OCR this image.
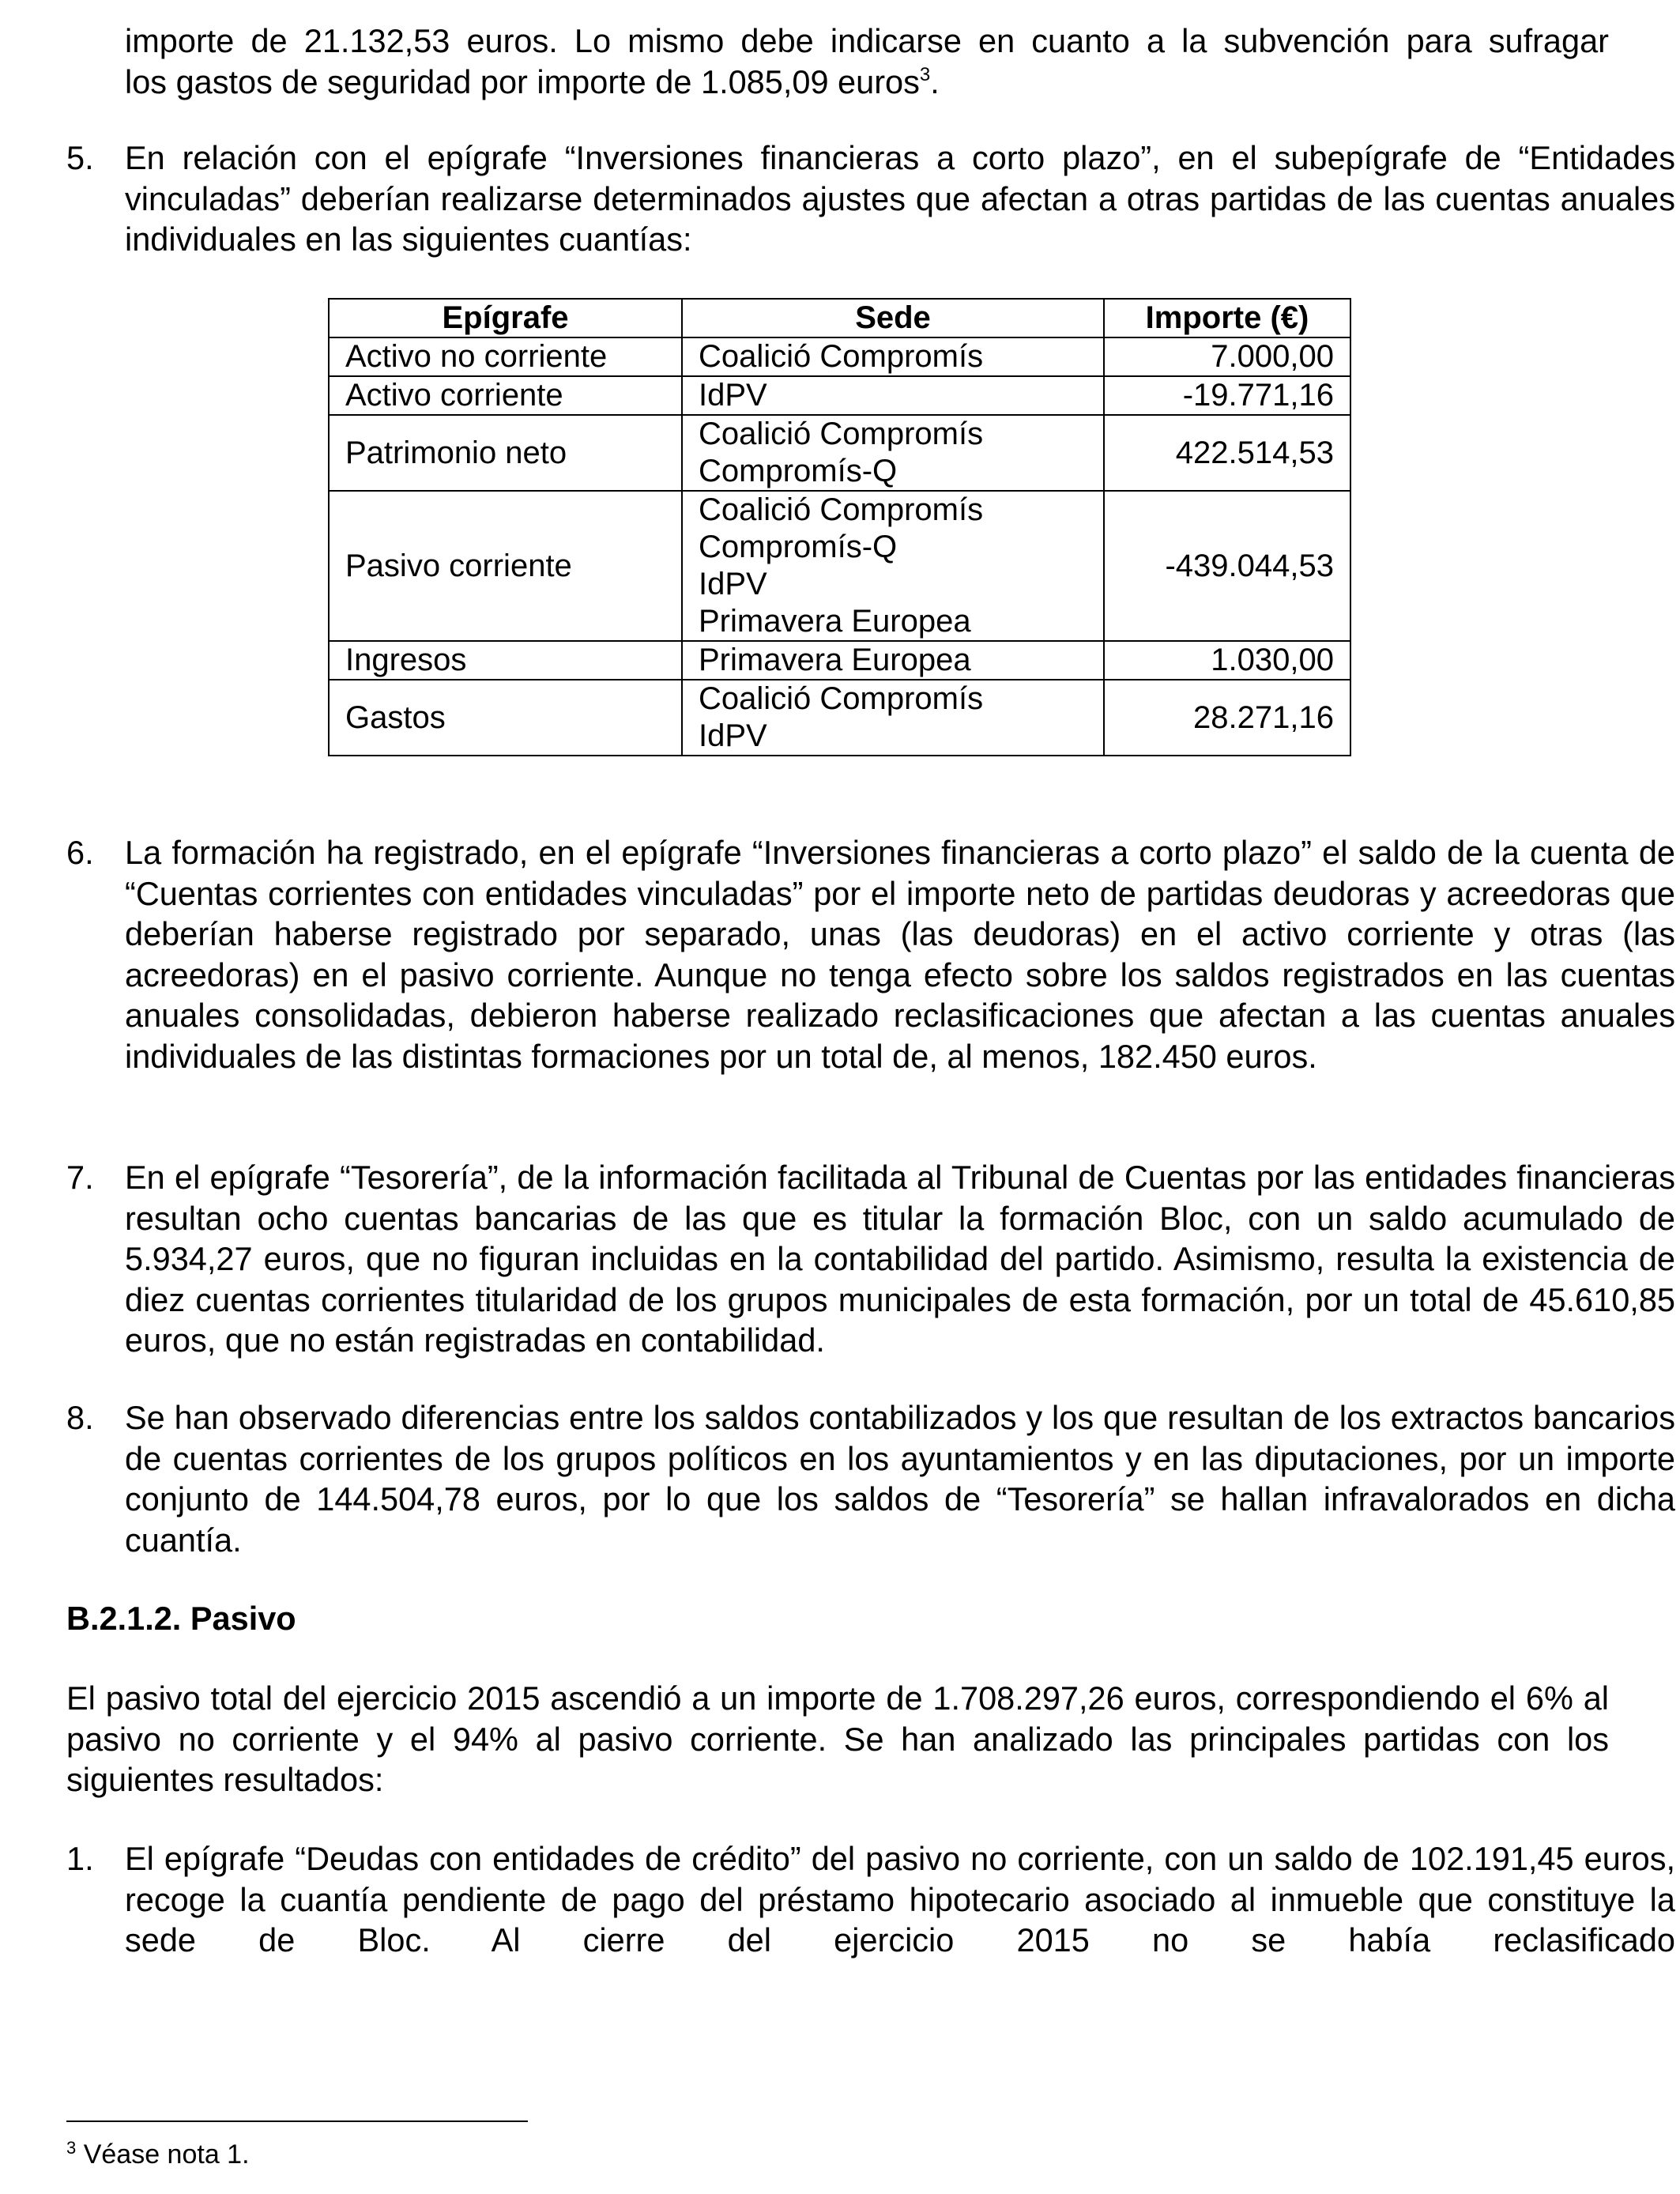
importe de 21.132,53 euros. Lo mismo debe indicarse en cuanto a la subvención para sufragar
los gastos de seguridad por importe de 1.085,09 euros$^3$.

5. En relación con el epígrafe “Inversiones financieras a corto plazo”, en el subepígrafe de “Entidades vinculadas” deberían realizarse determinados ajustes que afectan a otras partidas de las cuentas anuales individuales en las siguientes cuantías:

Epígrafe	Sede	Importe (€)
Activo no corriente	Coalició Compromís	7.000,00
Activo corriente	IdPV	-19.771,16
Patrimonio neto	Coalició Compromís
Compromís-Q	422.514,53
Pasivo corriente	Coalició Compromís
Compromís-Q
IdPV
Primavera Europea	-439.044,53
Ingresos	Primavera Europea	1.030,00
Gastos	Coalició Compromís
IdPV	28.271,16
6. La formación ha registrado, en el epígrafe “Inversiones financieras a corto plazo” el saldo de la cuenta de “Cuentas corrientes con entidades vinculadas” por el importe neto de partidas deudoras y acreedoras que deberían haberse registrado por separado, unas (las deudoras) en el activo corriente y otras (las acreedoras) en el pasivo corriente. Aunque no tenga efecto sobre los saldos registrados en las cuentas anuales consolidadas, debieron haberse realizado reclasificaciones que afectan a las cuentas anuales individuales de las distintas formaciones por un total de, al menos, 182.450 euros.

7. En el epígrafe “Tesorería”, de la información facilitada al Tribunal de Cuentas por las entidades financieras resultan ocho cuentas bancarias de las que es titular la formación Bloc, con un saldo acumulado de 5.934,27 euros, que no figuran incluidas en la contabilidad del partido. Asimismo, resulta la existencia de diez cuentas corrientes titularidad de los grupos municipales de esta formación, por un total de 45.610,85 euros, que no están registradas en contabilidad.

8. Se han observado diferencias entre los saldos contabilizados y los que resultan de los extractos bancarios de cuentas corrientes de los grupos políticos en los ayuntamientos y en las diputaciones, por un importe conjunto de 144.504,78 euros, por lo que los saldos de “Tesorería” se hallan infravalorados en dicha cuantía.

B.2.1.2. Pasivo

El pasivo total del ejercicio 2015 ascendió a un importe de 1.708.297,26 euros, correspondiendo el 6% al pasivo no corriente y el 94% al pasivo corriente. Se han analizado las principales partidas con los siguientes resultados:

1. El epígrafe “Deudas con entidades de crédito” del pasivo no corriente, con un saldo de 102.191,45 euros, recoge la cuantía pendiente de pago del préstamo hipotecario asociado al inmueble que constituye la sede de Bloc. Al cierre del ejercicio 2015 no se había reclasificado

$^3$ Véase nota 1.
